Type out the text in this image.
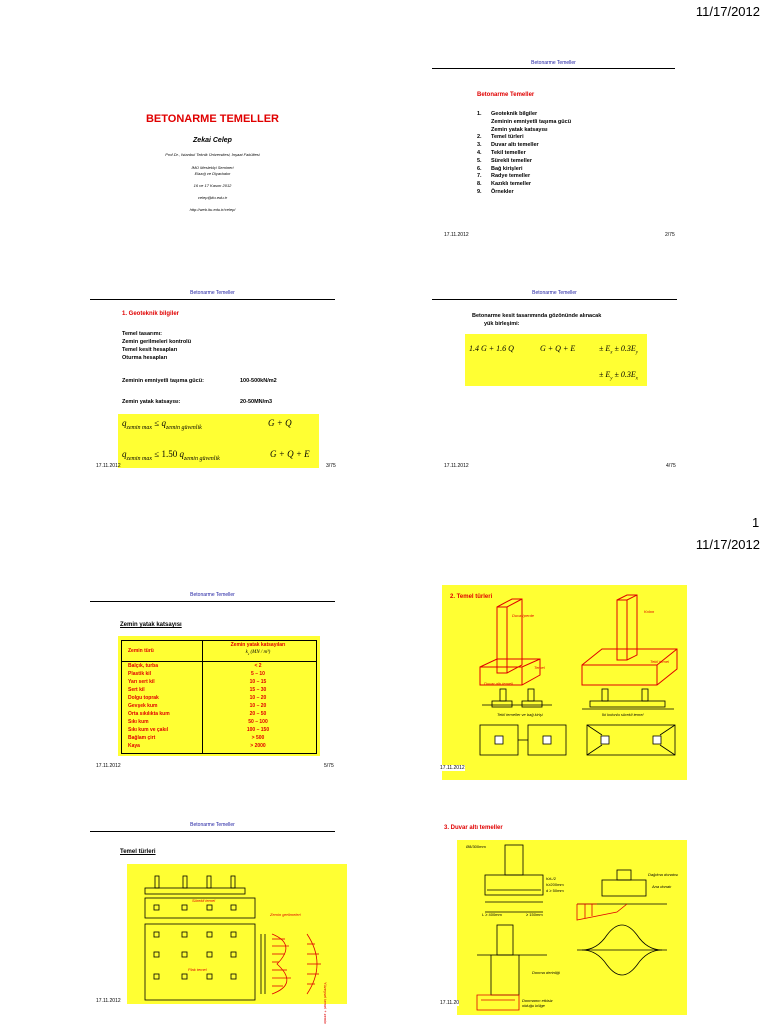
11/17/2012
BETONARME TEMELLER
Zekai Celep
Prof.Dr., İstanbul Teknik Üniversitesi, İnşaat Fakültesi
İMO Mesleki̇çi Semineri
Elazığ ve Diyarbakır
16 ve 17 Kasım 2012
celep@itu.edu.tr
http://web.itu.edu.tr/celep/
Betonarme Temeller
Betonarme Temeller
1. Geoteknik bilgiler
Zeminin emniyetli taşıma gücü
Zemin yatak katsayısı
2. Temel türleri
3. Duvar altı temeller
4. Tekil temeller
5. Sürekli temeller
6. Bağ kirişleri
7. Radye temeller
8. Kazıklı temeller
9. Örnekler
17.11.2012	2/75
Betonarme Temeller
1. Geoteknik bilgiler
Temel tasarımı:
Zemin gerilmeleri kontrolü
Temel kesit hesapları
Oturma hesapları
Zeminin emniyetli taşıma gücü:	100-500kN/m2
Zemin yatak katsayısı:	20-50MN/m3
$q_{zemin max} \le q_{zemin güvenlik}$	G + Q
$q_{zemin max} \le 1.50$ $q_{zemin güvenlik}$	G + Q + E
17.11.2012	3/75
Betonarme Temeller
Betonarme kesit tasarımında gözönünde alınacak
yük birleşimi:
1.4 G + 1.6 Q	G + Q + E	± $E_x \pm 0.3E_y$
± $E_y \pm 0.3E_x$
17.11.2012	4/75
1
11/17/2012
Betonarme Temeller
Zemin yatak katsayısı
Zemin türü
Zemin yatak katsayıları
$k_z$ (MN / m³)
Balçık, turba	< 2
Plastik kil	5 – 10
Yarı sert kil	10 – 15
Sert kil	15 – 30
Dolgu toprak	10 – 20
Gevşek kum	10 – 20
Orta sıkılıkta kum	20 – 50
Sıkı kum	50 – 100
Sıkı kum ve çakıl	100 – 150
Bağlam çirt	> 500
Kaya	> 2000
17.11.2012	5/75
2. Temel türleri
Duvar/perde
Temel
Duvar altı temeli
Kolon
Tekil temel
Tekil temeller ve bağ kirişi	İki kolonlu sürekli temel
17.11.2012
Betonarme Temeller
Temel türleri
Sürekli temel
Zemin gerilmeleri
Plak temel
Yüzeysel temel + zemin
17.11.2012
3. Duvar altı temeller
Ø8/300mm
h≥L/2
h≥200mm
d ≥ 50mm
L ≥ 400mm	≥ 150mm
Dağılma donatısı
Ana donatı
Donma derinliği
Donmanın etkisiz olduğu bölge
17.11.20
